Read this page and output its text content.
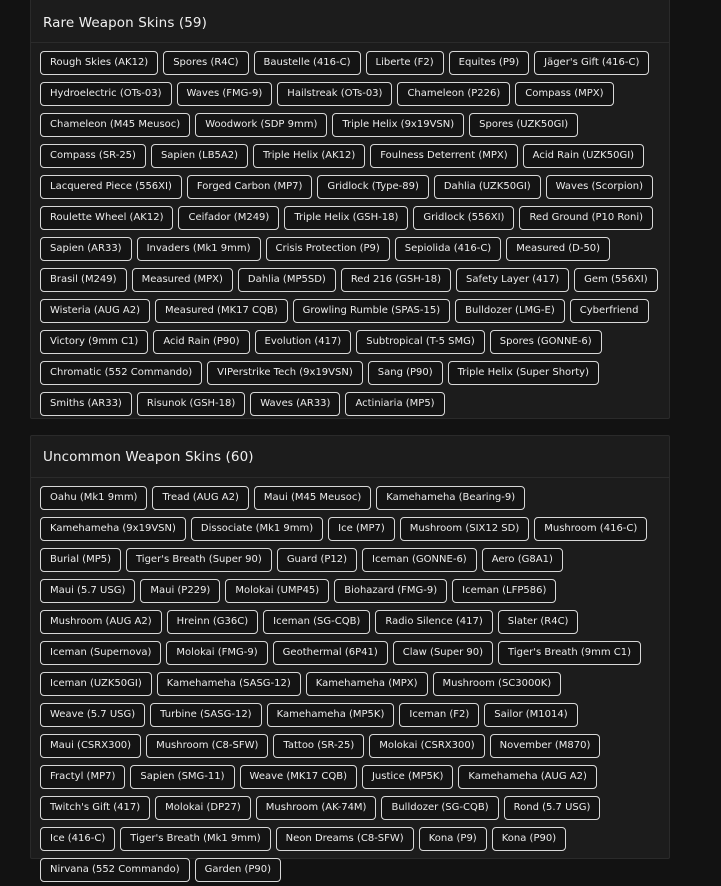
Rare Weapon Skins (59)
Rough Skies (AK12)	Spores (R4C)	Baustelle (416-C)	Liberte (F2)	Equites (P9)	Jäger's Gift (416-C)
Hydroelectric (OTs-03)	Waves (FMG-9)	Hailstreak (OTs-03)	Chameleon (P226)	Compass (MPX)
Chameleon (M45 Meusoc)	Woodwork (SDP 9mm)	Triple Helix (9x19VSN)	Spores (UZK50GI)
Compass (SR-25)	Sapien (LB5A2)	Triple Helix (AK12)	Foulness Deterrent (MPX)	Acid Rain (UZK50GI)
Lacquered Piece (556XI)	Forged Carbon (MP7)	Gridlock (Type-89)	Dahlia (UZK50GI)	Waves (Scorpion)
Roulette Wheel (AK12)	Ceifador (M249)	Triple Helix (GSH-18)	Gridlock (556XI)	Red Ground (P10 Roni)
Sapien (AR33)	Invaders (Mk1 9mm)	Crisis Protection (P9)	Sepiolida (416-C)	Measured (D-50)
Brasil (M249)	Measured (MPX)	Dahlia (MP5SD)	Red 216 (GSH-18)	Safety Layer (417)	Gem (556XI)
Wisteria (AUG A2)	Measured (MK17 CQB)	Growling Rumble (SPAS-15)	Bulldozer (LMG-E)	Cyberfriend
Victory (9mm C1)	Acid Rain (P90)	Evolution (417)	Subtropical (T-5 SMG)	Spores (GONNE-6)
Chromatic (552 Commando)	VIPerstrike Tech (9x19VSN)	Sang (P90)	Triple Helix (Super Shorty)
Smiths (AR33)	Risunok (GSH-18)	Waves (AR33)	Actiniaria (MP5)
Uncommon Weapon Skins (60)
Oahu (Mk1 9mm)	Tread (AUG A2)	Maui (M45 Meusoc)	Kamehameha (Bearing-9)
Kamehameha (9x19VSN)	Dissociate (Mk1 9mm)	Ice (MP7)	Mushroom (SIX12 SD)	Mushroom (416-C)
Burial (MP5)	Tiger's Breath (Super 90)	Guard (P12)	Iceman (GONNE-6)	Aero (G8A1)
Maui (5.7 USG)	Maui (P229)	Molokai (UMP45)	Biohazard (FMG-9)	Iceman (LFP586)
Mushroom (AUG A2)	Hreinn (G36C)	Iceman (SG-CQB)	Radio Silence (417)	Slater (R4C)
Iceman (Supernova)	Molokai (FMG-9)	Geothermal (6P41)	Claw (Super 90)	Tiger's Breath (9mm C1)
Iceman (UZK50GI)	Kamehameha (SASG-12)	Kamehameha (MPX)	Mushroom (SC3000K)
Weave (5.7 USG)	Turbine (SASG-12)	Kamehameha (MP5K)	Iceman (F2)	Sailor (M1014)
Maui (CSRX300)	Mushroom (C8-SFW)	Tattoo (SR-25)	Molokai (CSRX300)	November (M870)
Fractyl (MP7)	Sapien (SMG-11)	Weave (MK17 CQB)	Justice (MP5K)	Kamehameha (AUG A2)
Twitch's Gift (417)	Molokai (DP27)	Mushroom (AK-74M)	Bulldozer (SG-CQB)	Rond (5.7 USG)
Ice (416-C)	Tiger's Breath (Mk1 9mm)	Neon Dreams (C8-SFW)	Kona (P9)	Kona (P90)
Nirvana (552 Commando)	Garden (P90)
